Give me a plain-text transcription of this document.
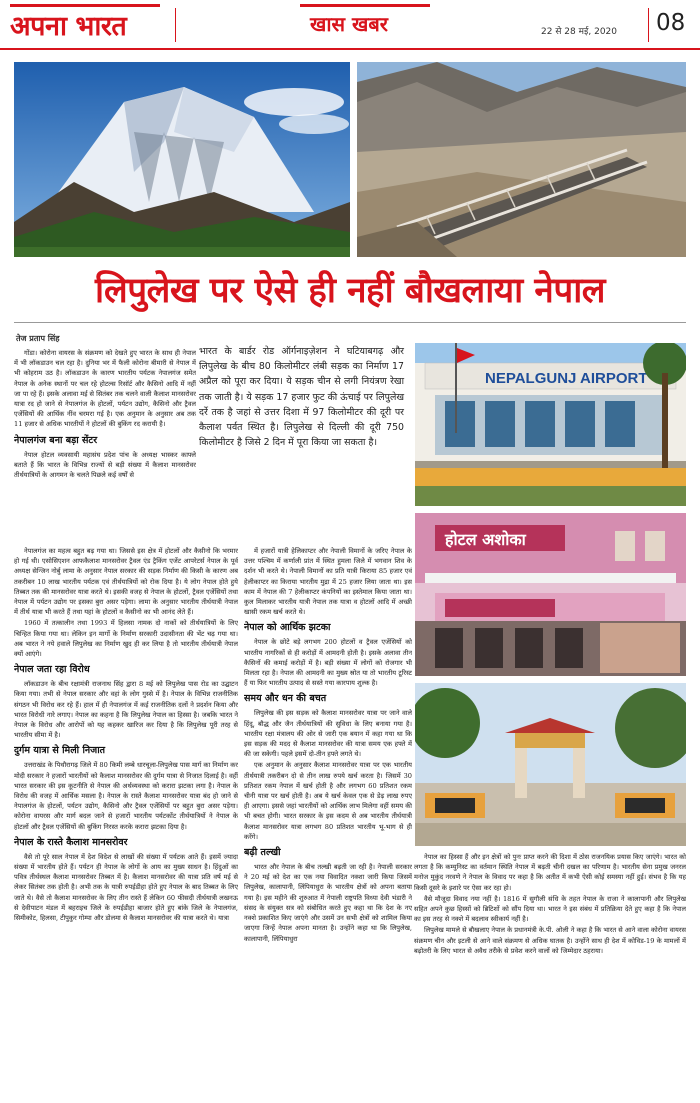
अपना भारत	खास खबर	22 से 28 मई, 2020 08
लिपुलेख पर ऐसे ही नहीं बौखलाया नेपाल
तेज प्रताप सिंह
भारत के बार्डर रोड ऑर्गनाइज़ेशन ने घटियाबगढ़ और लिपुलेख के बीच 80 किलोमीटर लंबी सड़क का निर्माण 17 अप्रैल को पूरा कर दिया। ये सड़क चीन से लगी नियंत्रण रेखा तक जाती है। ये सड़क 17 हजार फुट की ऊंचाई पर लिपुलेख दर्रे तक है जहां से उत्तर दिशा में 97 किलोमीटर की दूरी पर कैलाश पर्वत स्थित है। लिपुलेख से दिल्ली की दूरी 750 किलोमीटर है जिसे 2 दिन में पूरा किया जा सकता है।

गोंडा। कोरोना वायरस के संक्रमण को देखते हुए भारत के साथ ही नेपाल में भी लॉकडाउन चल रहा है। दुनिया भर में फैली कोरोना बीमारी से नेपाल में भी कोहराम उठ है। लॉकडाउन के कारण भारतीय पर्यटक नेपालगंज समेत नेपाल के अनेक स्थानों पर चल रहे होटल्स रिसॉर्ट और कैसिनो आदि में नहीं जा पा रहे हैं। इसके अलावा मई से सितंबर तक चलने वाली कैलाश मानसरोवर यात्रा रद हो जाने से नेपालगंज के होटलों, पर्यटन उद्योग, कैसिनो और ट्रैवल एजेंसियों की आर्थिक नींव चरमरा गई है। एक अनुमान के अनुसार अब तक 11 हजार से अधिक भारतीयों ने होटलों की बुकिंग रद करायी है।

नेपालगंज बना बड़ा सेंटर

नेपाल होटल व्यवसायी महासंघ प्रदेश पांच के अध्यक्ष भास्कर काफ्ले बताते हैं कि भारत के विभिन्न राज्यों से बड़ी संख्या में कैलाश मानसरोवर तीर्थयात्रियों के आगमन के चलते पिछले कई वर्षों से

नेपालगंज का महत्व बहुत बढ़ गया था। जिससे इस क्षेत्र में होटलों और कैसीनो कि भरमार हो गई थी। एसोसिएशन आफकैलाश मानसरोवर ट्रैवल एंड ट्रैकिंग एजेंट आपरेटर्स नेपाल के पूर्व अध्यक्ष सेन्जिन नोर्बु लामा के अनुसार नेपाल सरकार की सड़क निर्माण की किसी के कारण अब तकरीबन 10 लाख भारतीय पर्यटक एवं तीर्थयात्रियों को रोक दिया है। ये लोग नेपाल होते हुये तिब्बत तक की मानसरोवर यात्रा करते थे। इसकी वजह से नेपाल के होटलों, ट्रैवल एजेंसियों तथा नेपाल में पर्यटन उद्योग पर इसका बुरा असर पड़ेगा। लामा के अनुसार भारतीय तीर्थयात्री नेपाल में तीर्थ यात्रा भी करते हैं तथा यहां के होटलों व कैसीनो का भी आनंद लेते हैं।

1960 में तत्कालीन तथा 1993 में हिलसा नामक दो नाकों को तीर्थयात्रियों के लिए चिन्हित किया गया था। लेकिन इन मार्गो के निर्माण सरकारी उदासीनता की भेंट चढ़ गया था। अब भारत ने नये हवाले लिपुलेख का निर्माण खुद ही कर लिया है तो भारतीय तीर्थयात्री नेपाल क्यों आएंगे।

नेपाल जता रहा विरोध

लॉकडाउन के बीच रक्षामंत्री राजनाथ सिंह द्वारा 8 मई को लिपुलेख पास रोड का उद्घाटन किया गया। तभी से नेपाल सरकार और वहां के लोग गुस्से में है। नेपाल के विभिन्न राजनीतिक संगठन भी विरोध कर रहे हैं। हाल में ही नेपालगंज में कई राजनीतिक दलों ने प्रदर्शन किया और भारत विरोधी नारे लगाए। नेपाल का कहना है कि लिपुलेख नेपाल का हिस्सा है। जबकि भारत ने नेपाल के विरोध और आरोपों को यह कहकर खारिज कर दिया है कि लिपुलेख पूरी तरह से भारतीय सीमा में है।

दुर्गम यात्रा से मिली निजात

उत्तराखंड के पिथौरागढ़ जिले में 80 किमी लम्बे धारचूला-लिपुलेख पास मार्ग का निर्माण कर मोदी सरकार ने हजारों भारतीयों को कैलाश मानसरोवर की दुर्गम यात्रा से निजात दिलाई है। वहीं भारत सरकार की इस कूटनीति से नेपाल की अर्थव्यवस्था को करारा झटका लगा है। नेपाल के विरोध की वजह में आर्थिक मसला है। नेपाल के रास्ते कैलाश मानसरोवर यात्रा बंद हो जाने से नेपालगंज के होटलों, पर्यटन उद्योग, कैसिनो और ट्रैवल एजेंसियों पर बहुत बुरा असर पड़ेगा। कोरोना वायरस और मार्ग बदल जाने से हजारों भारतीय पर्यटकोंट तीर्थयात्रियों ने नेपाल के होटलों और ट्रैवल एजेंसियों की बुकिंग निरस्त करके करारा झटका दिया है।

नेपाल के रास्ते कैलाश मानसरोवर

वैसे तो पूरे साल नेपाल में देश विदेश से लाखों की संख्या में पर्यटक आते हैं। इसमें ज्यादा संख्या में भारतीय होते हैं। पर्यटन ही नेपाल के लोगों के आय का मुख्य साधन है। हिंदुओं का पवित्र तीर्थस्थल कैलाश मानसरोवर तिब्बत में है। कैलाश मानसरोवर की यात्रा प्रति वर्ष मई से लेकर सितंबर तक होती है। अभी तक के यात्री रुपईडीहा होते हुए नेपाल के बाद तिब्बत के लिए जाते थे। वैसे तो कैलाश मानसरोवर के लिए तीन रास्ते हैं लेकिन 60 फीसदी तीर्थयात्री लखनऊ से देवीपाटन मंडल में बहराइच जिले के रुपईडीहा बाजार होते हुए बांके जिले के नेपालगंज, सिमीकोट, हिलसा, टीपुकुर गोम्पा और डोलमा से कैलाश मानसरोवर की यात्रा करते थे। यात्रा

NEPALGUNJ AIRPORT
होटल अशोका

नेपाल का हिस्सा हैं और इन क्षेत्रों को पुनः प्राप्त करने की दिशा में ठोस राजनयिक प्रयास किए जाएंगे। भारत को लगता है कि कम्युनिस्ट का वर्तमान स्थिति नेपाल में बढ़ती चीनी दखल का परिणाम है। भारतीय सेना प्रमुख जनरल मनोज मुकुंद नरवणे ने नेपाल के विवाद पर कहा है कि अतीत में कभी ऐसी कोई समस्या नहीं हुई। संभव है कि यह किसी दूसरे के इशारे पर ऐसा कर रहा हो।

वैसे मौजूदा विवाद नया नहीं है। 1816 में सुगौली संधि के तहत नेपाल के राजा ने कालापानी और लिपुलेख सहित अपने कुछ हिस्सों को ब्रिटिशों को सौंप दिया था। भारत ने इस संबंध में प्रतिक्रिया देते हुए कहा है कि नेपाल का इस तरह से नक्शे में बदलाव स्वीकार्य नहीं है।

लिपुलेख मामले से बौखलाए नेपाल के प्रधानमंत्री के.पी. ओली ने कहा है कि भारत से आने वाला कोरोना वायरस संक्रमण चीन और इटली से आने वाले संक्रमण से अधिक घातक है। उन्होंने साथ ही देश में कोविड-19 के मामलों में बढ़ोतरी के लिए भारत से अवैध तरीके से प्रवेश करने वालों को जिम्मेदार ठहराया।

में हजारों यात्री हेलिकाप्टर और नेपाली विमानों के जरिए नेपाल के उत्तर पश्चिम में कर्णाली प्रांत में स्थित हुमला जिले में भगवान शिव के दर्शन भी करते थे। नेपाली विमानों का प्रति यात्री किराया 85 हजार एवं हेलीकाप्टर का किराया भारतीय मुद्रा में 25 हजार लिया जाता था। इस काम में नेपाल की 7 हेलीकाप्टर कंपनियों का इस्तेमाल किया जाता था। कुल मिलाकर भारतीय यात्री नेपाल तक यात्रा व होटलों आदि में अच्छी खासी रकम खर्च करते थे।

नेपाल को आर्थिक झटका

नेपाल के छोटे बड़े लगभग 200 होटलों व ट्रैवल एजेंसियों को भारतीय नागरिकों से ही करोड़ों में आमदनी होती है। इसके अलावा तीन कैसिनों की कमाई करोड़ों में है। बड़ी संख्या में लोगों को रोजगार भी मिलता रहा है। नेपाल की आमदनी का मुख्य स्रोत या तो भारतीय टूरिस्ट हैं या फिर भारतीय उत्पाद से सस्ते गया कारपाय शुल्क है।

समय और धन की बचत

लिपुलेख की इस सड़क को कैलाश मानसरोवर यात्रा पर जाने वाले हिंदू, बौद्ध और जैन तीर्थयात्रियों की सुविधा के लिए बनाया गया है। भारतीय रक्षा मंत्रालय की ओर से जारी एक बयान में कहा गया था कि इस सड़क की मदद से कैलाश मानसरोवर की यात्रा समय एक हफ्ते में की जा सकेगी। पहले इसमें दो-तीन हफ्ते लगते थे।

एक अनुमान के अनुसार कैलाश मानसरोवर यात्रा पर एक भारतीय तीर्थयात्री तकरीबन दो से तीन लाख रुपये खर्च करता है। जिसमें 30 प्रतिशत रकम नेपाल में खर्च होती है और लगभग 60 प्रतिशत रकम चीनी यात्रा पर खर्च होती है। अब ये खर्च केवल एक से डेढ़ लाख रुपए ही आएगा। इससे जहां भारतीयों को आर्थिक लाभ मिलेगा वहीं समय की भी बचत होगी। भारत सरकार के इस कदम से अब भारतीय तीर्थयात्री कैलाश मानसरोवर यात्रा लगभग 80 प्रतिशत भारतीय भू-भाग से ही करेंगे।

बढ़ी तल्खी

भारत और नेपाल के बीच तल्खी बढ़ती जा रही है। नेपाली सरकार ने 20 मई को देश का एक नया विवादित नक्शा जारी किया जिसमें लिपुलेख, कालापानी, लिंपियाधुरा के भारतीय क्षेत्रों को अपना बताया गया है। इस महीने की शुरुआत में नेपाली राष्ट्रपति विध्या देवी भंडारी ने संसद के संयुक्त सत्र को संबोधित करते हुए कहा था कि देश के नए नक्शे प्रकाशित किए जाएंगे और उसमें उन सभी क्षेत्रों को शामिल किया जाएगा जिन्हें नेपाल अपना मानता है। उन्होंने कहा था कि लिपुलेख, कालापानी, लिंपियाधुरा
